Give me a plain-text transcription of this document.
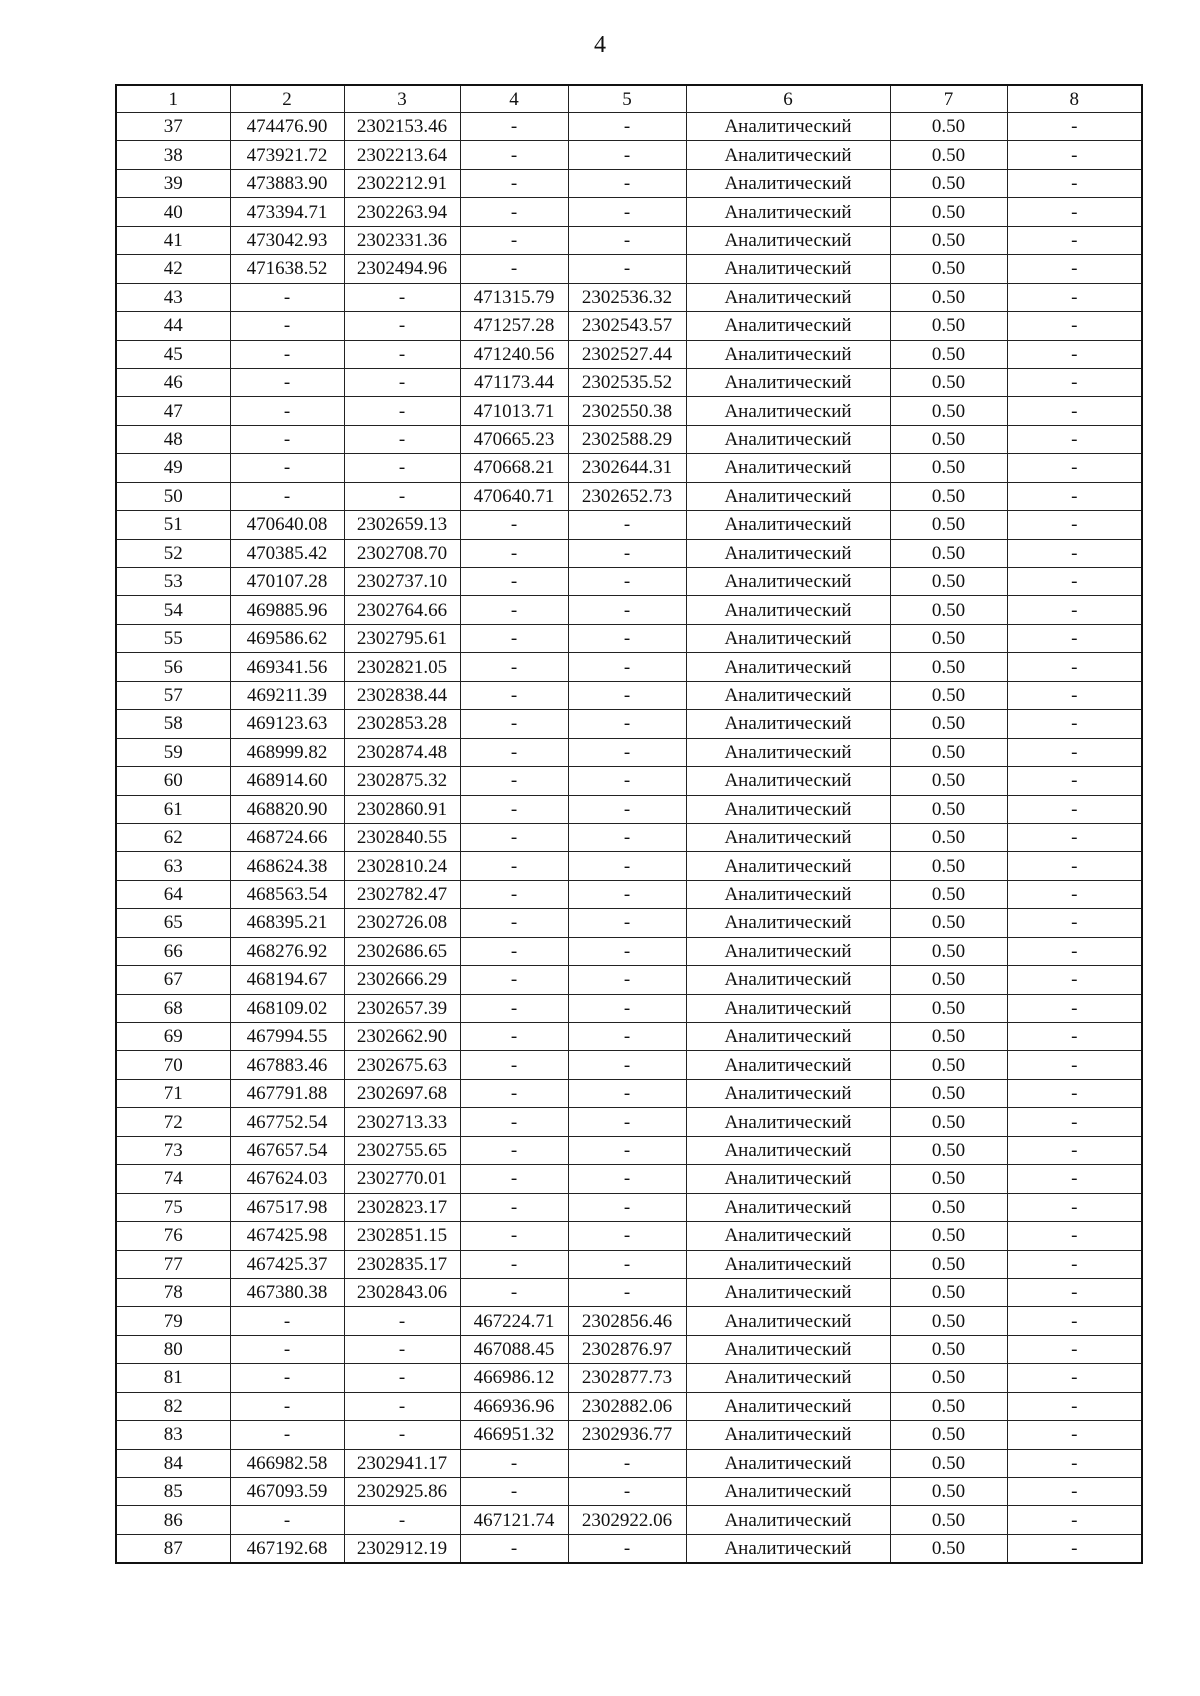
4
1	2	3	4	5	6	7	8
37	474476.90	2302153.46	-	-	Аналитический	0.50	-
38	473921.72	2302213.64	-	-	Аналитический	0.50	-
39	473883.90	2302212.91	-	-	Аналитический	0.50	-
40	473394.71	2302263.94	-	-	Аналитический	0.50	-
41	473042.93	2302331.36	-	-	Аналитический	0.50	-
42	471638.52	2302494.96	-	-	Аналитический	0.50	-
43	-	-	471315.79	2302536.32	Аналитический	0.50	-
44	-	-	471257.28	2302543.57	Аналитический	0.50	-
45	-	-	471240.56	2302527.44	Аналитический	0.50	-
46	-	-	471173.44	2302535.52	Аналитический	0.50	-
47	-	-	471013.71	2302550.38	Аналитический	0.50	-
48	-	-	470665.23	2302588.29	Аналитический	0.50	-
49	-	-	470668.21	2302644.31	Аналитический	0.50	-
50	-	-	470640.71	2302652.73	Аналитический	0.50	-
51	470640.08	2302659.13	-	-	Аналитический	0.50	-
52	470385.42	2302708.70	-	-	Аналитический	0.50	-
53	470107.28	2302737.10	-	-	Аналитический	0.50	-
54	469885.96	2302764.66	-	-	Аналитический	0.50	-
55	469586.62	2302795.61	-	-	Аналитический	0.50	-
56	469341.56	2302821.05	-	-	Аналитический	0.50	-
57	469211.39	2302838.44	-	-	Аналитический	0.50	-
58	469123.63	2302853.28	-	-	Аналитический	0.50	-
59	468999.82	2302874.48	-	-	Аналитический	0.50	-
60	468914.60	2302875.32	-	-	Аналитический	0.50	-
61	468820.90	2302860.91	-	-	Аналитический	0.50	-
62	468724.66	2302840.55	-	-	Аналитический	0.50	-
63	468624.38	2302810.24	-	-	Аналитический	0.50	-
64	468563.54	2302782.47	-	-	Аналитический	0.50	-
65	468395.21	2302726.08	-	-	Аналитический	0.50	-
66	468276.92	2302686.65	-	-	Аналитический	0.50	-
67	468194.67	2302666.29	-	-	Аналитический	0.50	-
68	468109.02	2302657.39	-	-	Аналитический	0.50	-
69	467994.55	2302662.90	-	-	Аналитический	0.50	-
70	467883.46	2302675.63	-	-	Аналитический	0.50	-
71	467791.88	2302697.68	-	-	Аналитический	0.50	-
72	467752.54	2302713.33	-	-	Аналитический	0.50	-
73	467657.54	2302755.65	-	-	Аналитический	0.50	-
74	467624.03	2302770.01	-	-	Аналитический	0.50	-
75	467517.98	2302823.17	-	-	Аналитический	0.50	-
76	467425.98	2302851.15	-	-	Аналитический	0.50	-
77	467425.37	2302835.17	-	-	Аналитический	0.50	-
78	467380.38	2302843.06	-	-	Аналитический	0.50	-
79	-	-	467224.71	2302856.46	Аналитический	0.50	-
80	-	-	467088.45	2302876.97	Аналитический	0.50	-
81	-	-	466986.12	2302877.73	Аналитический	0.50	-
82	-	-	466936.96	2302882.06	Аналитический	0.50	-
83	-	-	466951.32	2302936.77	Аналитический	0.50	-
84	466982.58	2302941.17	-	-	Аналитический	0.50	-
85	467093.59	2302925.86	-	-	Аналитический	0.50	-
86	-	-	467121.74	2302922.06	Аналитический	0.50	-
87	467192.68	2302912.19	-	-	Аналитический	0.50	-
